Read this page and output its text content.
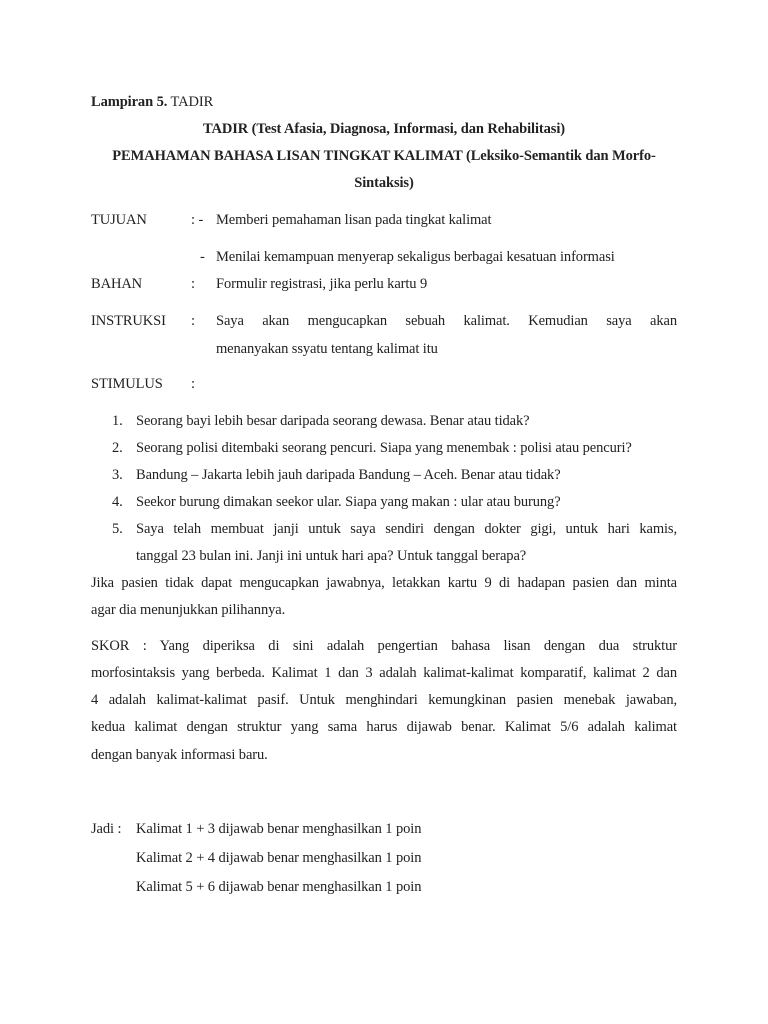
Lampiran 5. TADIR
TADIR (Test Afasia, Diagnosa, Informasi, dan Rehabilitasi)
PEMAHAMAN BAHASA LISAN TINGKAT KALIMAT (Leksiko-Semantik dan Morfo-
Sintaksis)
TUJUAN	: - Memberi pemahaman lisan pada tingkat kalimat
- Menilai kemampuan menyerap sekaligus berbagai kesatuan informasi
BAHAN	: Formulir registrasi, jika perlu kartu 9
INSTRUKSI : Saya akan mengucapkan sebuah kalimat. Kemudian saya akan
menanyakan ssyatu tentang kalimat itu
STIMULUS :
1. Seorang bayi lebih besar daripada seorang dewasa. Benar atau tidak?
2. Seorang polisi ditembaki seorang pencuri. Siapa yang menembak : polisi atau pencuri?
3. Bandung – Jakarta lebih jauh daripada Bandung – Aceh. Benar atau tidak?
4. Seekor burung dimakan seekor ular. Siapa yang makan : ular atau burung?
5. Saya telah membuat janji untuk saya sendiri dengan dokter gigi, untuk hari kamis,
tanggal 23 bulan ini. Janji ini untuk hari apa? Untuk tanggal berapa?
Jika pasien tidak dapat mengucapkan jawabnya, letakkan kartu 9 di hadapan pasien dan minta
agar dia menunjukkan pilihannya.
SKOR : Yang diperiksa di sini adalah pengertian bahasa lisan dengan dua struktur
morfosintaksis yang berbeda. Kalimat 1 dan 3 adalah kalimat-kalimat komparatif, kalimat 2 dan
4 adalah kalimat-kalimat pasif. Untuk menghindari kemungkinan pasien menebak jawaban,
kedua kalimat dengan struktur yang sama harus dijawab benar. Kalimat 5/6 adalah kalimat
dengan banyak informasi baru.
Jadi : Kalimat 1 + 3 dijawab benar menghasilkan 1 poin
Kalimat 2 + 4 dijawab benar menghasilkan 1 poin
Kalimat 5 + 6 dijawab benar menghasilkan 1 poin
